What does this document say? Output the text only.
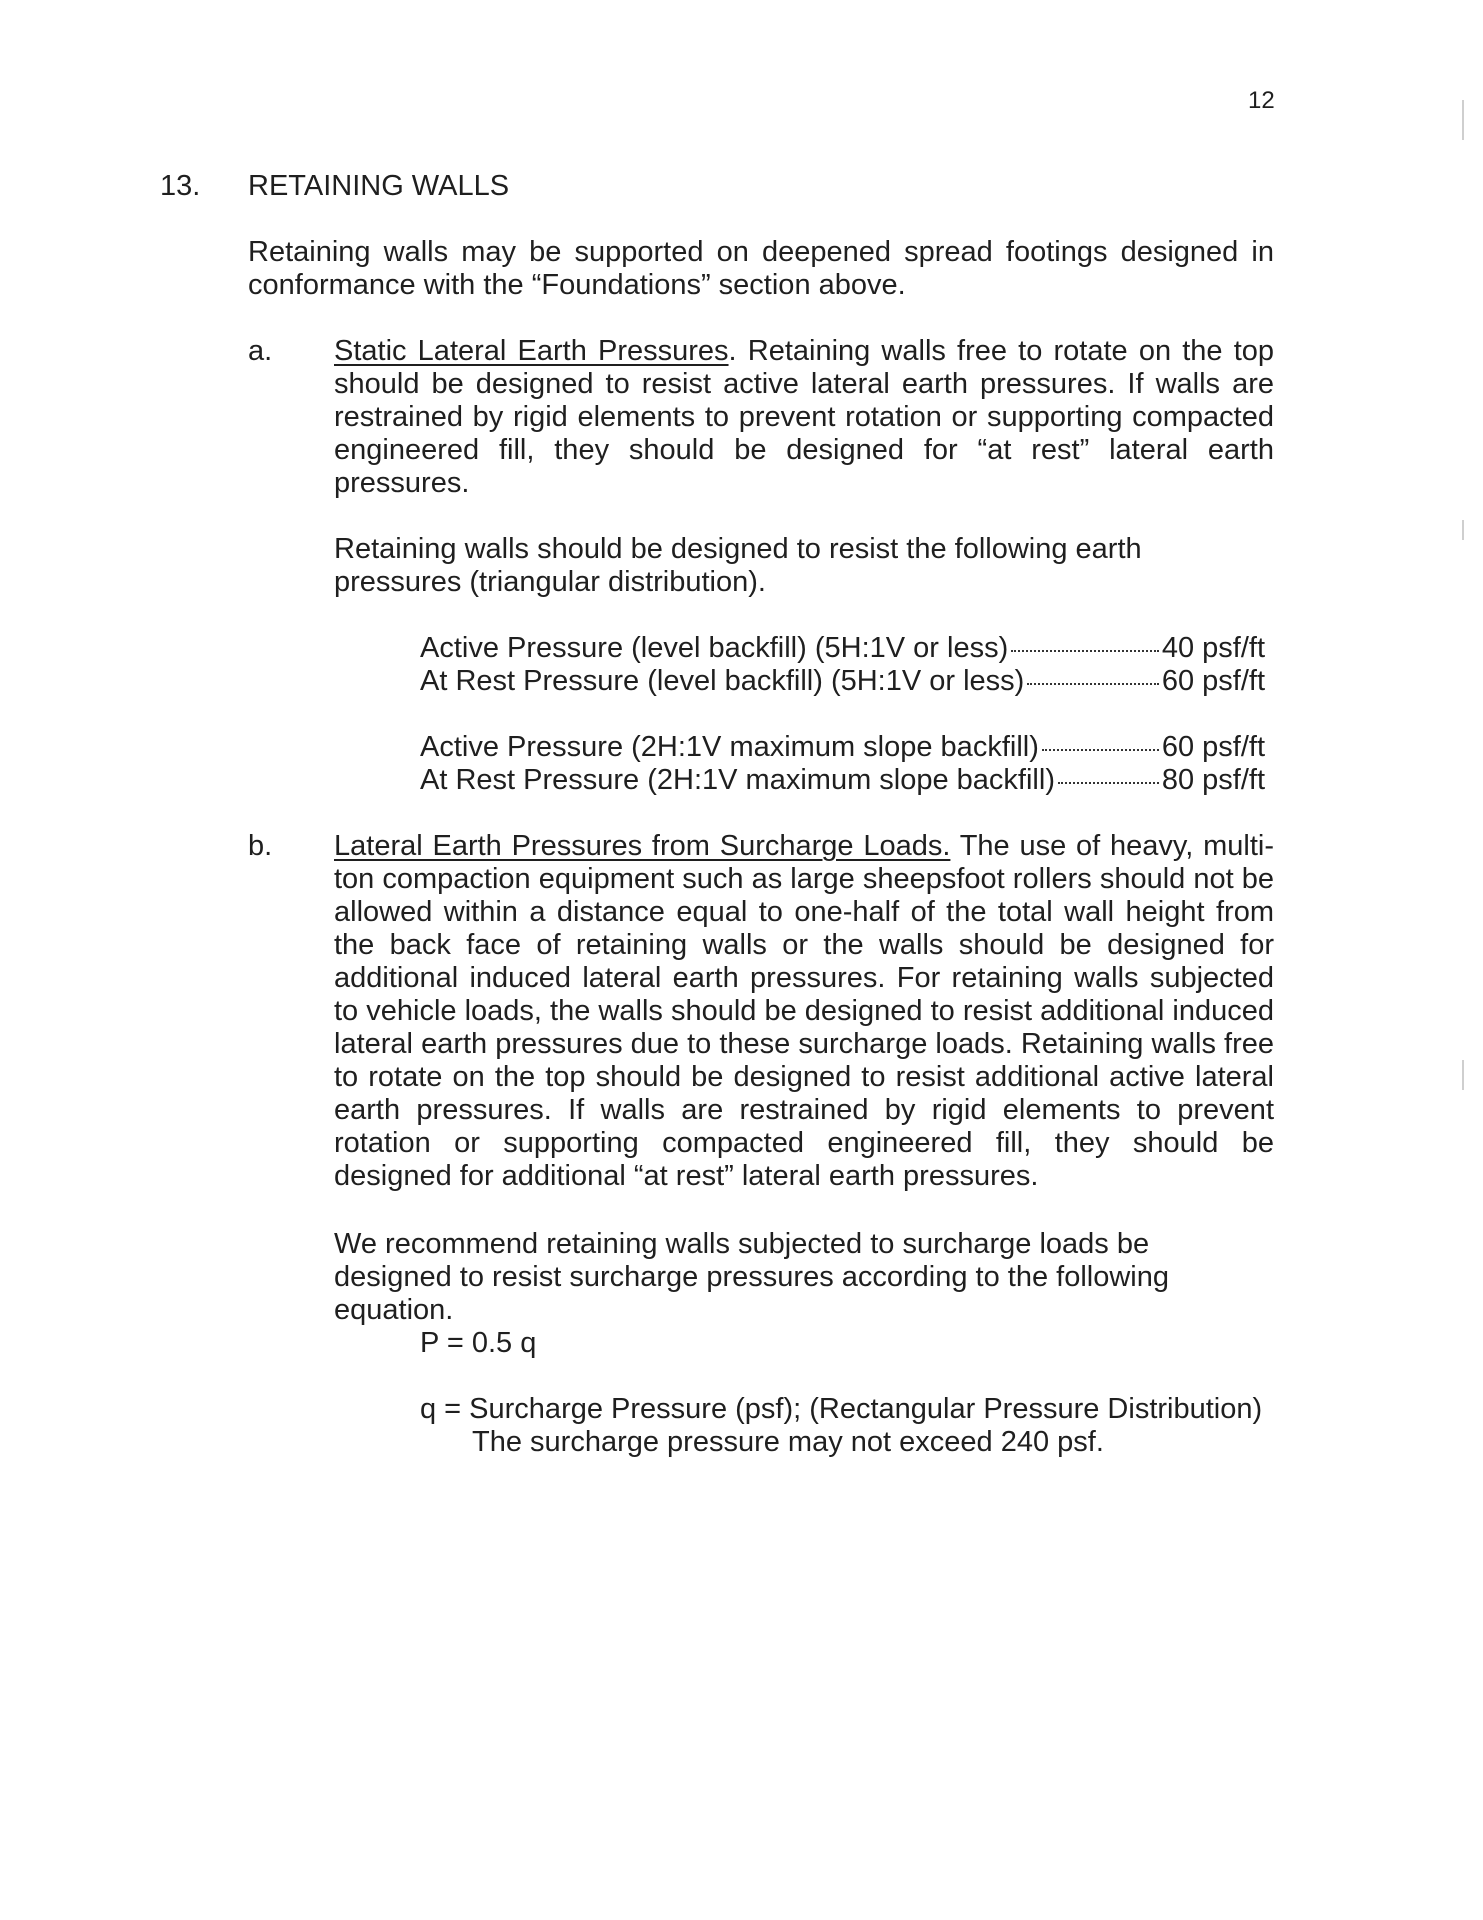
12
13. RETAINING WALLS
Retaining walls may be supported on deepened spread footings designed in conformance with the “Foundations” section above.
a. Static Lateral Earth Pressures. Retaining walls free to rotate on the top should be designed to resist active lateral earth pressures. If walls are restrained by rigid elements to prevent rotation or supporting compacted engineered fill, they should be designed for “at rest” lateral earth pressures.
Retaining walls should be designed to resist the following earth pressures (triangular distribution).
Active Pressure (level backfill) (5H:1V or less)	40 psf/ft
At Rest Pressure (level backfill) (5H:1V or less)	60 psf/ft
Active Pressure (2H:1V maximum slope backfill)	60 psf/ft
At Rest Pressure (2H:1V maximum slope backfill)	80 psf/ft
b. Lateral Earth Pressures from Surcharge Loads. The use of heavy, multi-ton compaction equipment such as large sheepsfoot rollers should not be allowed within a distance equal to one-half of the total wall height from the back face of retaining walls or the walls should be designed for additional induced lateral earth pressures. For retaining walls subjected to vehicle loads, the walls should be designed to resist additional induced lateral earth pressures due to these surcharge loads. Retaining walls free to rotate on the top should be designed to resist additional active lateral earth pressures. If walls are restrained by rigid elements to prevent rotation or supporting compacted engineered fill, they should be designed for additional “at rest” lateral earth pressures.
We recommend retaining walls subjected to surcharge loads be designed to resist surcharge pressures according to the following equation.
P = 0.5 q
q = Surcharge Pressure (psf); (Rectangular Pressure Distribution)
The surcharge pressure may not exceed 240 psf.
